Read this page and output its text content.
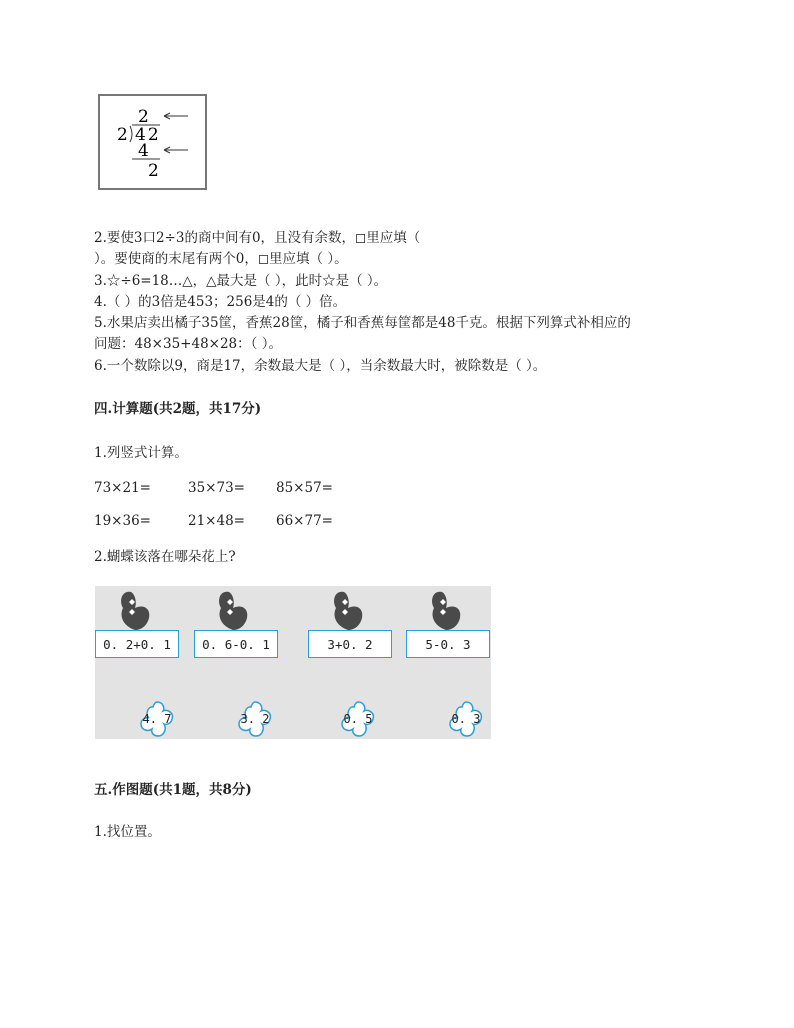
2
2 42
4
2
2.要使3口2÷3的商中间有0，且没有余数，◻里应填（
）。要使商的末尾有两个0，◻里应填（ ）。
3.☆÷6=18…△，△最大是（ ），此时☆是（ ）。
4.（ ）的3倍是453；256是4的（ ）倍。
5.水果店卖出橘子35筐，香蕉28筐，橘子和香蕉每筐都是48千克。根据下列算式补相应的
问题：48×35+48×28：（ ）。
6.一个数除以9，商是17，余数最大是（ ），当余数最大时，被除数是（ ）。
四.计算题(共2题，共17分)
1.列竖式计算。
73×21=	35×73= 85×57=
19×36=	21×48= 66×77=
2.蝴蝶该落在哪朵花上?
0. 2+0. 1	0. 6-0. 1	3+0. 2	5-0. 3
4. 7	3. 2	0. 5	0. 3
五.作图题(共1题，共8分)
1.找位置。
